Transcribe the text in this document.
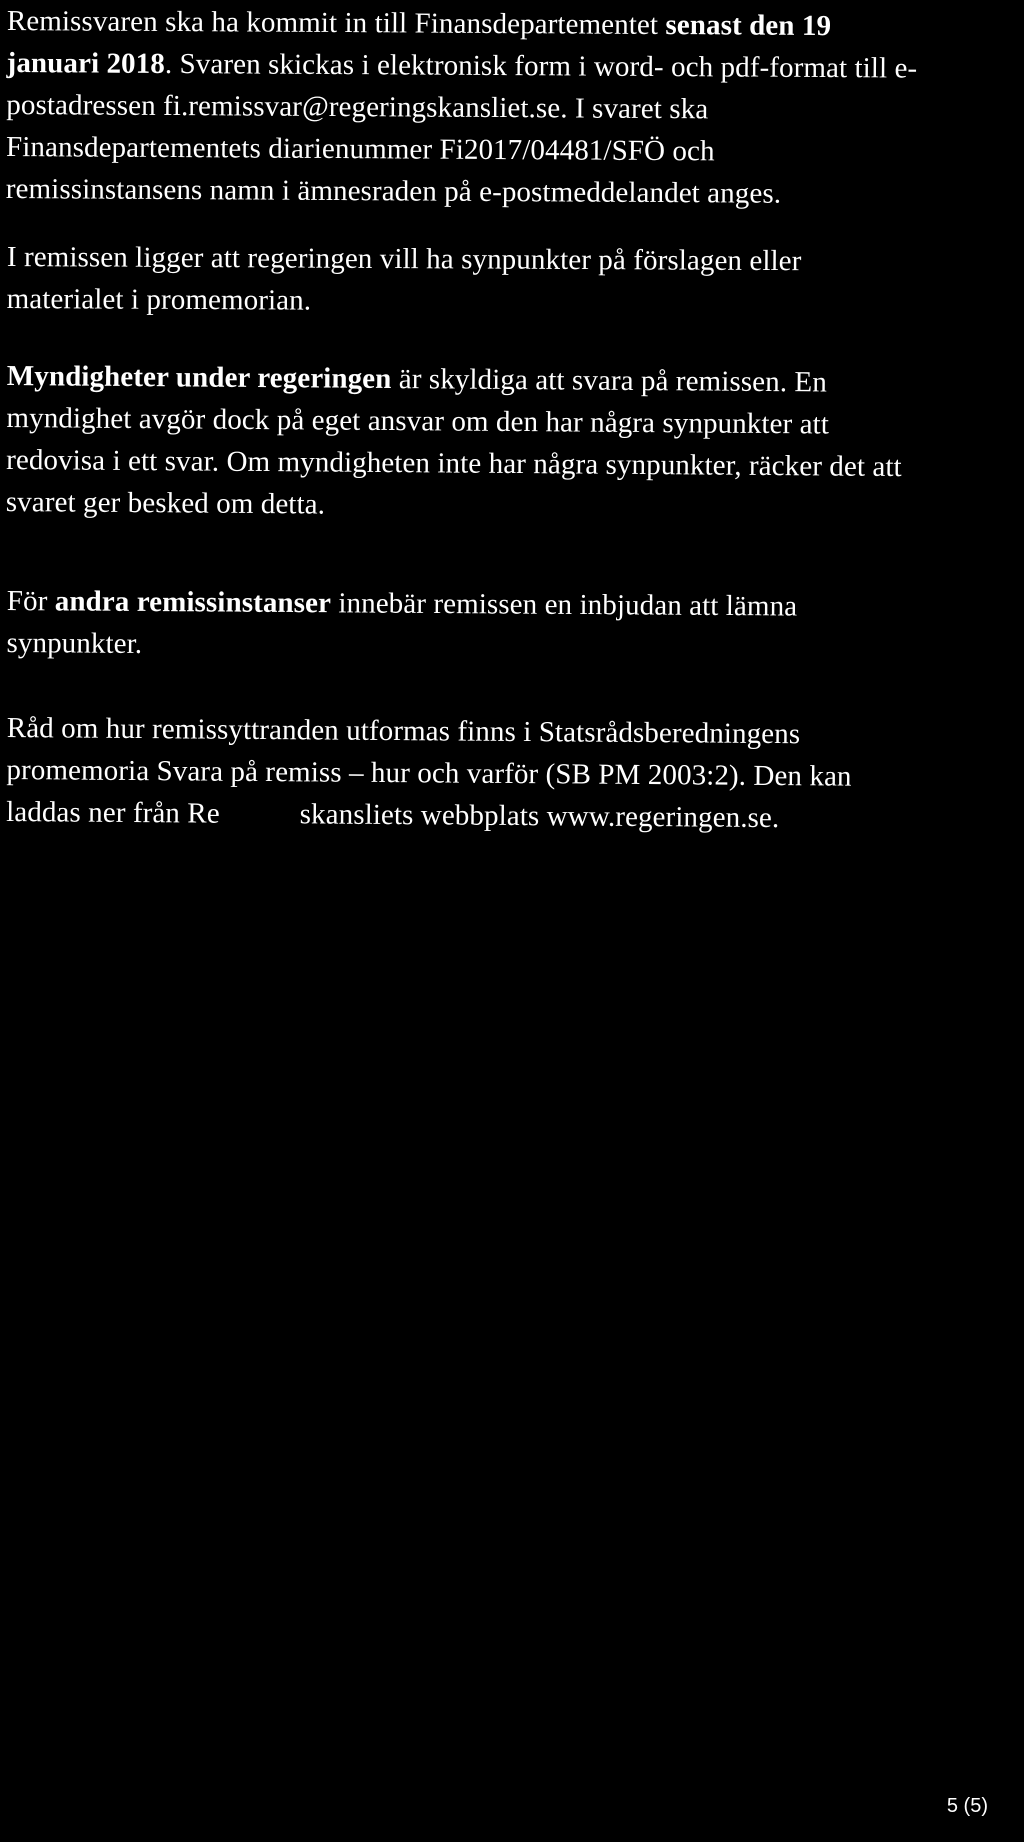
Remissvaren ska ha kommit in till Finansdepartementet senast den 19
januari 2018. Svaren skickas i elektronisk form i word- och pdf-format till e-
postadressen fi.remissvar@regeringskansliet.se. I svaret ska
Finansdepartementets diarienummer Fi2017/04481/SFÖ och
remissinstansens namn i ämnesraden på e-postmeddelandet anges.
I remissen ligger att regeringen vill ha synpunkter på förslagen eller
materialet i promemorian.
Myndigheter under regeringen är skyldiga att svara på remissen. En
myndighet avgör dock på eget ansvar om den har några synpunkter att
redovisa i ett svar. Om myndigheten inte har några synpunkter, räcker det att
svaret ger besked om detta.
För andra remissinstanser innebär remissen en inbjudan att lämna
synpunkter.
Råd om hur remissyttranden utformas finns i Statsrådsberedningens
promemoria Svara på remiss – hur och varför (SB PM 2003:2). Den kan
laddas ner från Re	skansliets webbplats www.regeringen.se.
5 (5)
